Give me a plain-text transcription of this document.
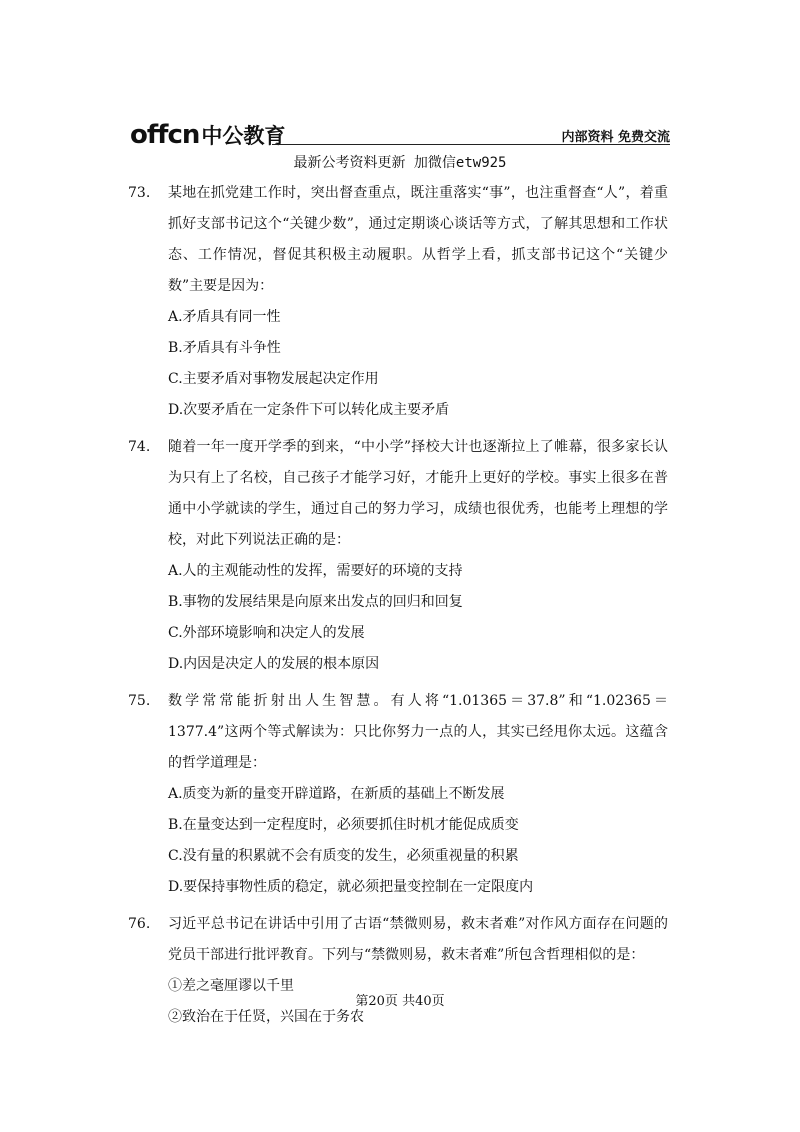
offcn 中公教育	内部资料 免费交流
最新公考资料更新 加微信etw925
73.	某地在抓党建工作时，突出督查重点，既注重落实“事”，也注重督查“人”，着重抓好支部书记这个“关键少数”，通过定期谈心谈话等方式，了解其思想和工作状态、工作情况，督促其积极主动履职。从哲学上看，抓支部书记这个“关键少数”主要是因为：
A.矛盾具有同一性
B.矛盾具有斗争性
C.主要矛盾对事物发展起决定作用
D.次要矛盾在一定条件下可以转化成主要矛盾
74.	随着一年一度开学季的到来，“中小学”择校大计也逐渐拉上了帷幕，很多家长认为只有上了名校，自己孩子才能学习好，才能升上更好的学校。事实上很多在普通中小学就读的学生，通过自己的努力学习，成绩也很优秀，也能考上理想的学校，对此下列说法正确的是：
A.人的主观能动性的发挥，需要好的环境的支持
B.事物的发展结果是向原来出发点的回归和回复
C.外部环境影响和决定人的发展
D.内因是决定人的发展的根本原因
75.	数学常常能折射出人生智慧。有人将“1.01365＝37.8”和“1.02365＝1377.4”这两个等式解读为：只比你努力一点的人，其实已经甩你太远。这蕴含的哲学道理是：
A.质变为新的量变开辟道路，在新质的基础上不断发展
B.在量变达到一定程度时，必须要抓住时机才能促成质变
C.没有量的积累就不会有质变的发生，必须重视量的积累
D.要保持事物性质的稳定，就必须把量变控制在一定限度内
76.	习近平总书记在讲话中引用了古语“禁微则易，救末者难”对作风方面存在问题的党员干部进行批评教育。下列与“禁微则易，救末者难”所包含哲理相似的是：
①差之毫厘谬以千里
②致治在于任贤，兴国在于务农
第20页 共40页
